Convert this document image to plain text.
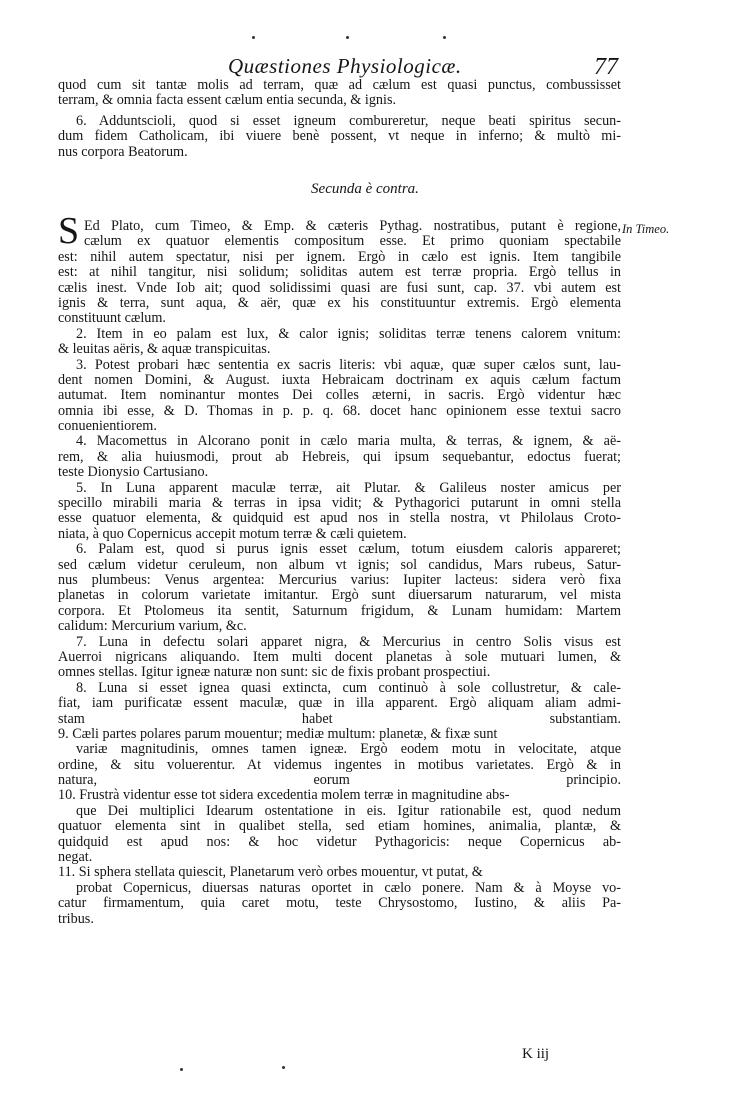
Quæstiones Physiologicæ.	77
quod cum sit tantæ molis ad terram, quæ ad cælum est quasi punctus, combussisset
terram, & omnia facta essent cælum entia secunda, & ignis.
6. Adduntscioli, quod si esset igneum combureretur, neque beati spiritus secun-
dum fidem Catholicam, ibi viuere benè possent, vt neque in inferno; & multò mi-
nus corpora Beatorum.
Secunda è contra.
S	In Timeo.
Ed Plato, cum Timeo, & Emp. & cæteris Pythag. nostratibus, putant è regione,
cælum ex quatuor elementis compositum esse. Et primo quoniam spectabile
est: nihil autem spectatur, nisi per ignem. Ergò in cælo est ignis. Item tangibile
est: at nihil tangitur, nisi solidum; soliditas autem est terræ propria. Ergò tellus in
cælis inest. Vnde Iob ait; quod solidissimi quasi are fusi sunt, cap. 37. vbi autem est
ignis & terra, sunt aqua, & aër, quæ ex his constituuntur extremis. Ergò elementa
constituunt cælum.
2. Item in eo palam est lux, & calor ignis; soliditas terræ tenens calorem vnitum:
& leuitas aëris, & aquæ transpicuitas.
3. Potest probari hæc sententia ex sacris literis: vbi aquæ, quæ super cælos sunt, lau-
dent nomen Domini, & August. iuxta Hebraicam doctrinam ex aquis cælum factum
autumat. Item nominantur montes Dei colles æterni, in sacris. Ergò videntur hæc
omnia ibi esse, & D. Thomas in p. p. q. 68. docet hanc opinionem esse textui sacro
conuenientiorem.
4. Macomettus in Alcorano ponit in cælo maria multa, & terras, & ignem, & aë-
rem, & alia huiusmodi, prout ab Hebreis, qui ipsum sequebantur, edoctus fuerat;
teste Dionysio Cartusiano.
5. In Luna apparent maculæ terræ, ait Plutar. & Galileus noster amicus per
specillo mirabili maria & terras in ipsa vidit; & Pythagorici putarunt in omni stella
esse quatuor elementa, & quidquid est apud nos in stella nostra, vt Philolaus Croto-
niata, à quo Copernicus accepit motum terræ & cæli quietem.
6. Palam est, quod si purus ignis esset cælum, totum eiusdem caloris appareret;
sed cælum videtur ceruleum, non album vt ignis; sol candidus, Mars rubeus, Satur-
nus plumbeus: Venus argentea: Mercurius varius: Iupiter lacteus: sidera verò fixa
planetas in colorum varietate imitantur. Ergò sunt diuersarum naturarum, vel mista
corpora. Et Ptolomeus ita sentit, Saturnum frigidum, & Lunam humidam: Martem
calidum: Mercurium varium, &c.
7. Luna in defectu solari apparet nigra, & Mercurius in centro Solis visus est
Auerroi nigricans aliquando. Item multi docent planetas à sole mutuari lumen, &
omnes stellas. Igitur igneæ naturæ non sunt: sic de fixis probant prospectiui.
8. Luna si esset ignea quasi extincta, cum continuò à sole collustretur, & cale-
fiat, iam purificatæ essent maculæ, quæ in illa apparent. Ergò aliquam aliam admi-
stam habet substantiam.
9. Cæli partes polares parum mouentur; mediæ multum: planetæ, & fixæ sunt
variæ magnitudinis, omnes tamen igneæ. Ergò eodem motu in velocitate, atque
ordine, & situ voluerentur. At videmus ingentes in motibus varietates. Ergò & in
natura, eorum principio.
10. Frustrà videntur esse tot sidera excedentia molem terræ in magnitudine abs-
que Dei multiplici Idearum ostentatione in eis. Igitur rationabile est, quod nedum
quatuor elementa sint in qualibet stella, sed etiam homines, animalia, plantæ, &
quidquid est apud nos: & hoc videtur Pythagoricis: neque Copernicus ab-
negat.
11. Si sphera stellata quiescit, Planetarum verò orbes mouentur, vt putat, &
probat Copernicus, diuersas naturas oportet in cælo ponere. Nam & à Moyse vo-
catur firmamentum, quia caret motu, teste Chrysostomo, Iustino, & aliis Pa-
tribus.
K iij
